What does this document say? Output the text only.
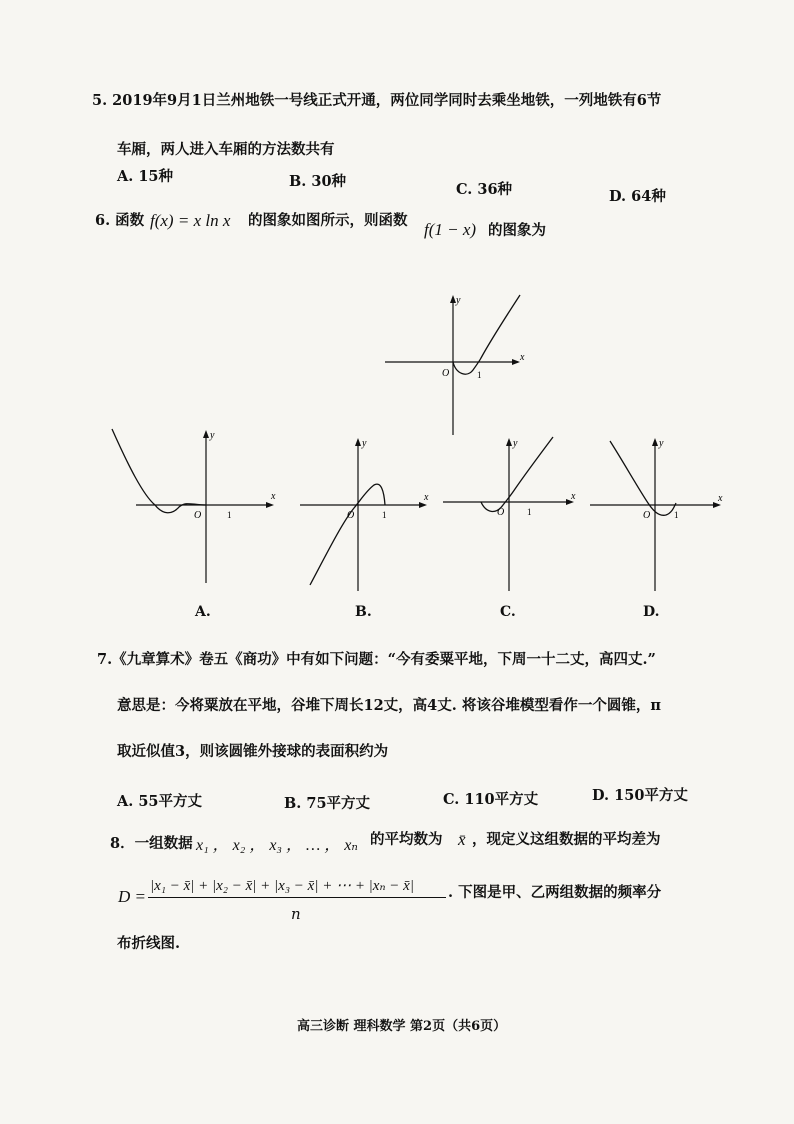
5. 2019年9月1日兰州地铁一号线正式开通，两位同学同时去乘坐地铁，一列地铁有6节
车厢，两人进入车厢的方法数共有
A. 15种	B. 30种	C. 36种	D. 64种
6. 函数 f(x) = x ln x 的图象如图所示，则函数 f(1 − x) 的图象为
x
y
O	1
x
y
O	1
x
y
O	1
x
y
O	1
x
y
O	1
A.	B.	C.	D.
7.《九章算术》卷五《商功》中有如下问题：“今有委粟平地，下周一十二丈，高四丈.”
意思是：今将粟放在平地，谷堆下周长12丈，高4丈. 将该谷堆模型看作一个圆锥，π
取近似值3，则该圆锥外接球的表面积约为
A. 55平方丈	B. 75平方丈	C. 110平方丈	D. 150平方丈
8．一组数据 x₁ ， x₂ ， x₃ ， … ， xₙ 的平均数为 x̄ ，现定义这组数据的平均差为
D =
|x₁ − x̄| + |x₂ − x̄| + |x₃ − x̄| + ⋯ + |xₙ − x̄|
n
. 下图是甲、乙两组数据的频率分
布折线图.
高三诊断 理科数学 第2页（共6页）
